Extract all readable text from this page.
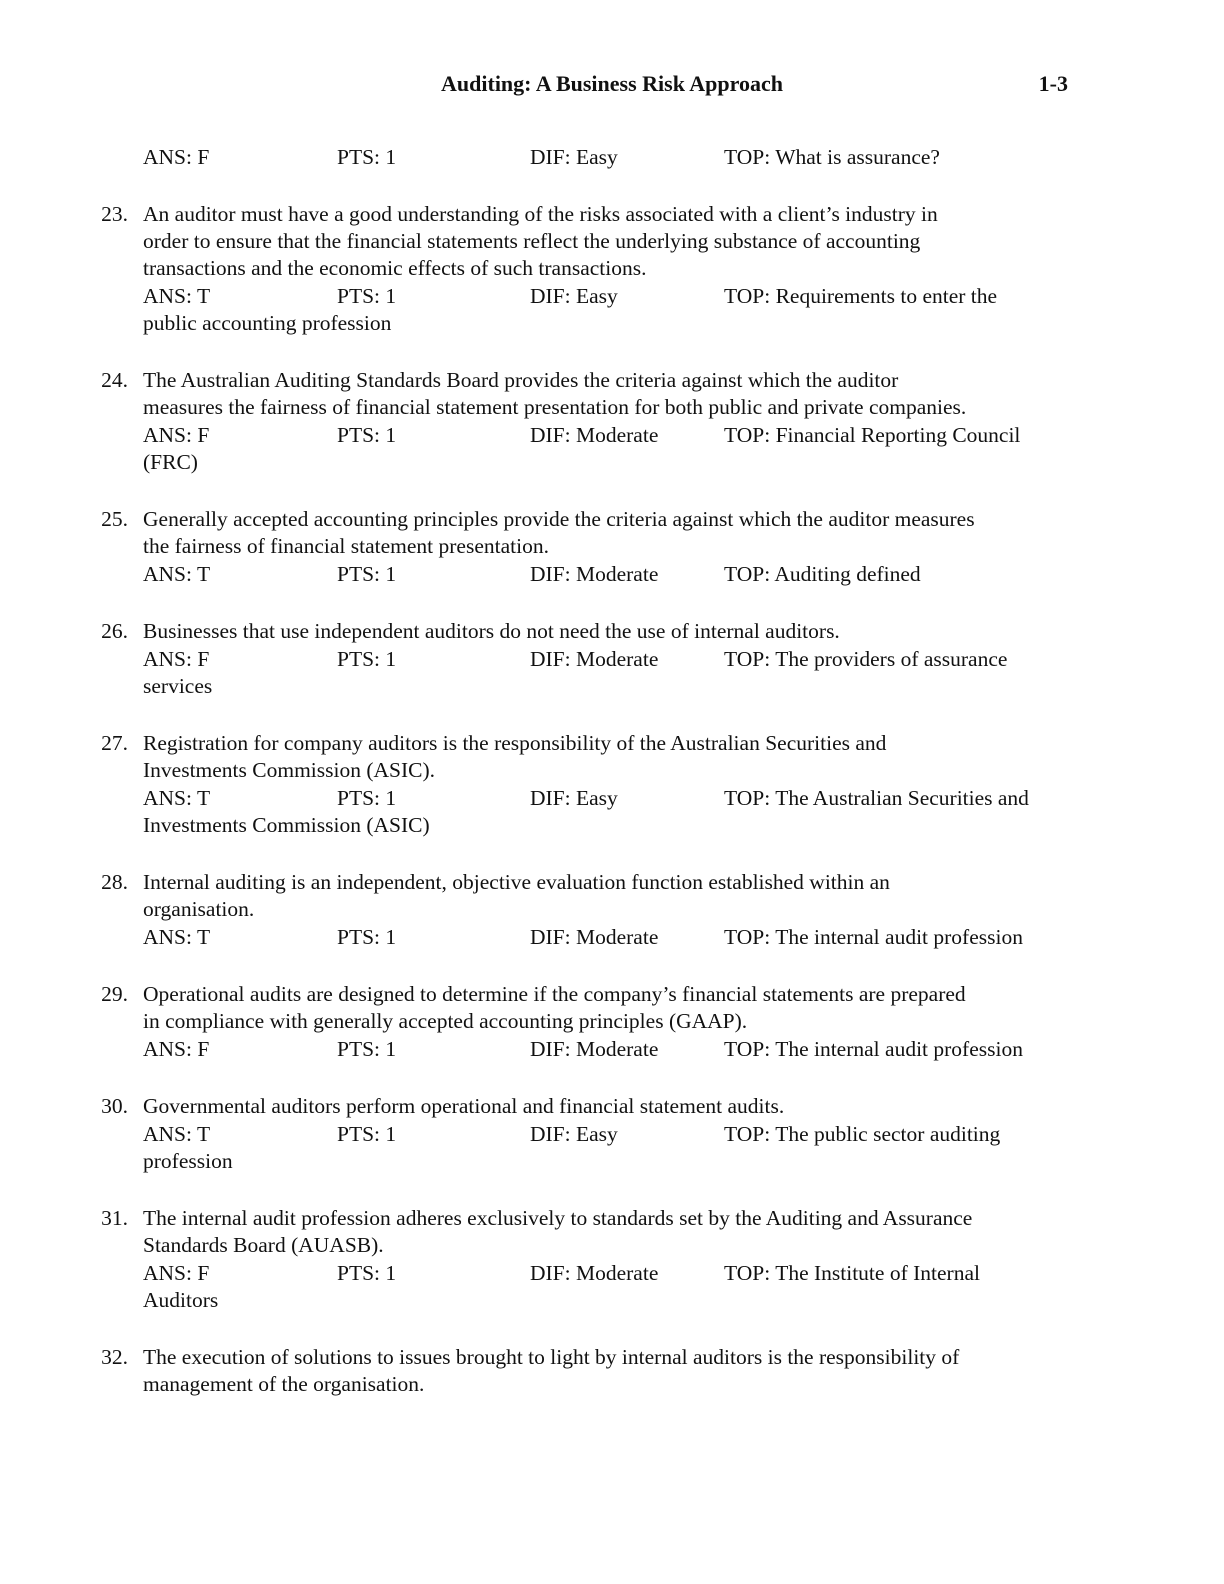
Auditing: A Business Risk Approach	1-3
ANS: F	PTS: 1	DIF: Easy	TOP: What is assurance?
23. An auditor must have a good understanding of the risks associated with a client’s industry in
order to ensure that the financial statements reflect the underlying substance of accounting
transactions and the economic effects of such transactions.
ANS: T	PTS: 1	DIF: Easy	TOP: Requirements to enter the
public accounting profession
24. The Australian Auditing Standards Board provides the criteria against which the auditor
measures the fairness of financial statement presentation for both public and private companies.
ANS: F	PTS: 1	DIF: Moderate	TOP: Financial Reporting Council
(FRC)
25. Generally accepted accounting principles provide the criteria against which the auditor measures
the fairness of financial statement presentation.
ANS: T	PTS: 1	DIF: Moderate	TOP: Auditing defined
26. Businesses that use independent auditors do not need the use of internal auditors.
ANS: F	PTS: 1	DIF: Moderate	TOP: The providers of assurance
services
27. Registration for company auditors is the responsibility of the Australian Securities and
Investments Commission (ASIC).
ANS: T	PTS: 1	DIF: Easy	TOP: The Australian Securities and
Investments Commission (ASIC)
28. Internal auditing is an independent, objective evaluation function established within an
organisation.
ANS: T	PTS: 1	DIF: Moderate	TOP: The internal audit profession
29. Operational audits are designed to determine if the company’s financial statements are prepared
in compliance with generally accepted accounting principles (GAAP).
ANS: F	PTS: 1	DIF: Moderate	TOP: The internal audit profession
30. Governmental auditors perform operational and financial statement audits.
ANS: T	PTS: 1	DIF: Easy	TOP: The public sector auditing
profession
31. The internal audit profession adheres exclusively to standards set by the Auditing and Assurance
Standards Board (AUASB).
ANS: F	PTS: 1	DIF: Moderate	TOP: The Institute of Internal
Auditors
32. The execution of solutions to issues brought to light by internal auditors is the responsibility of
management of the organisation.
